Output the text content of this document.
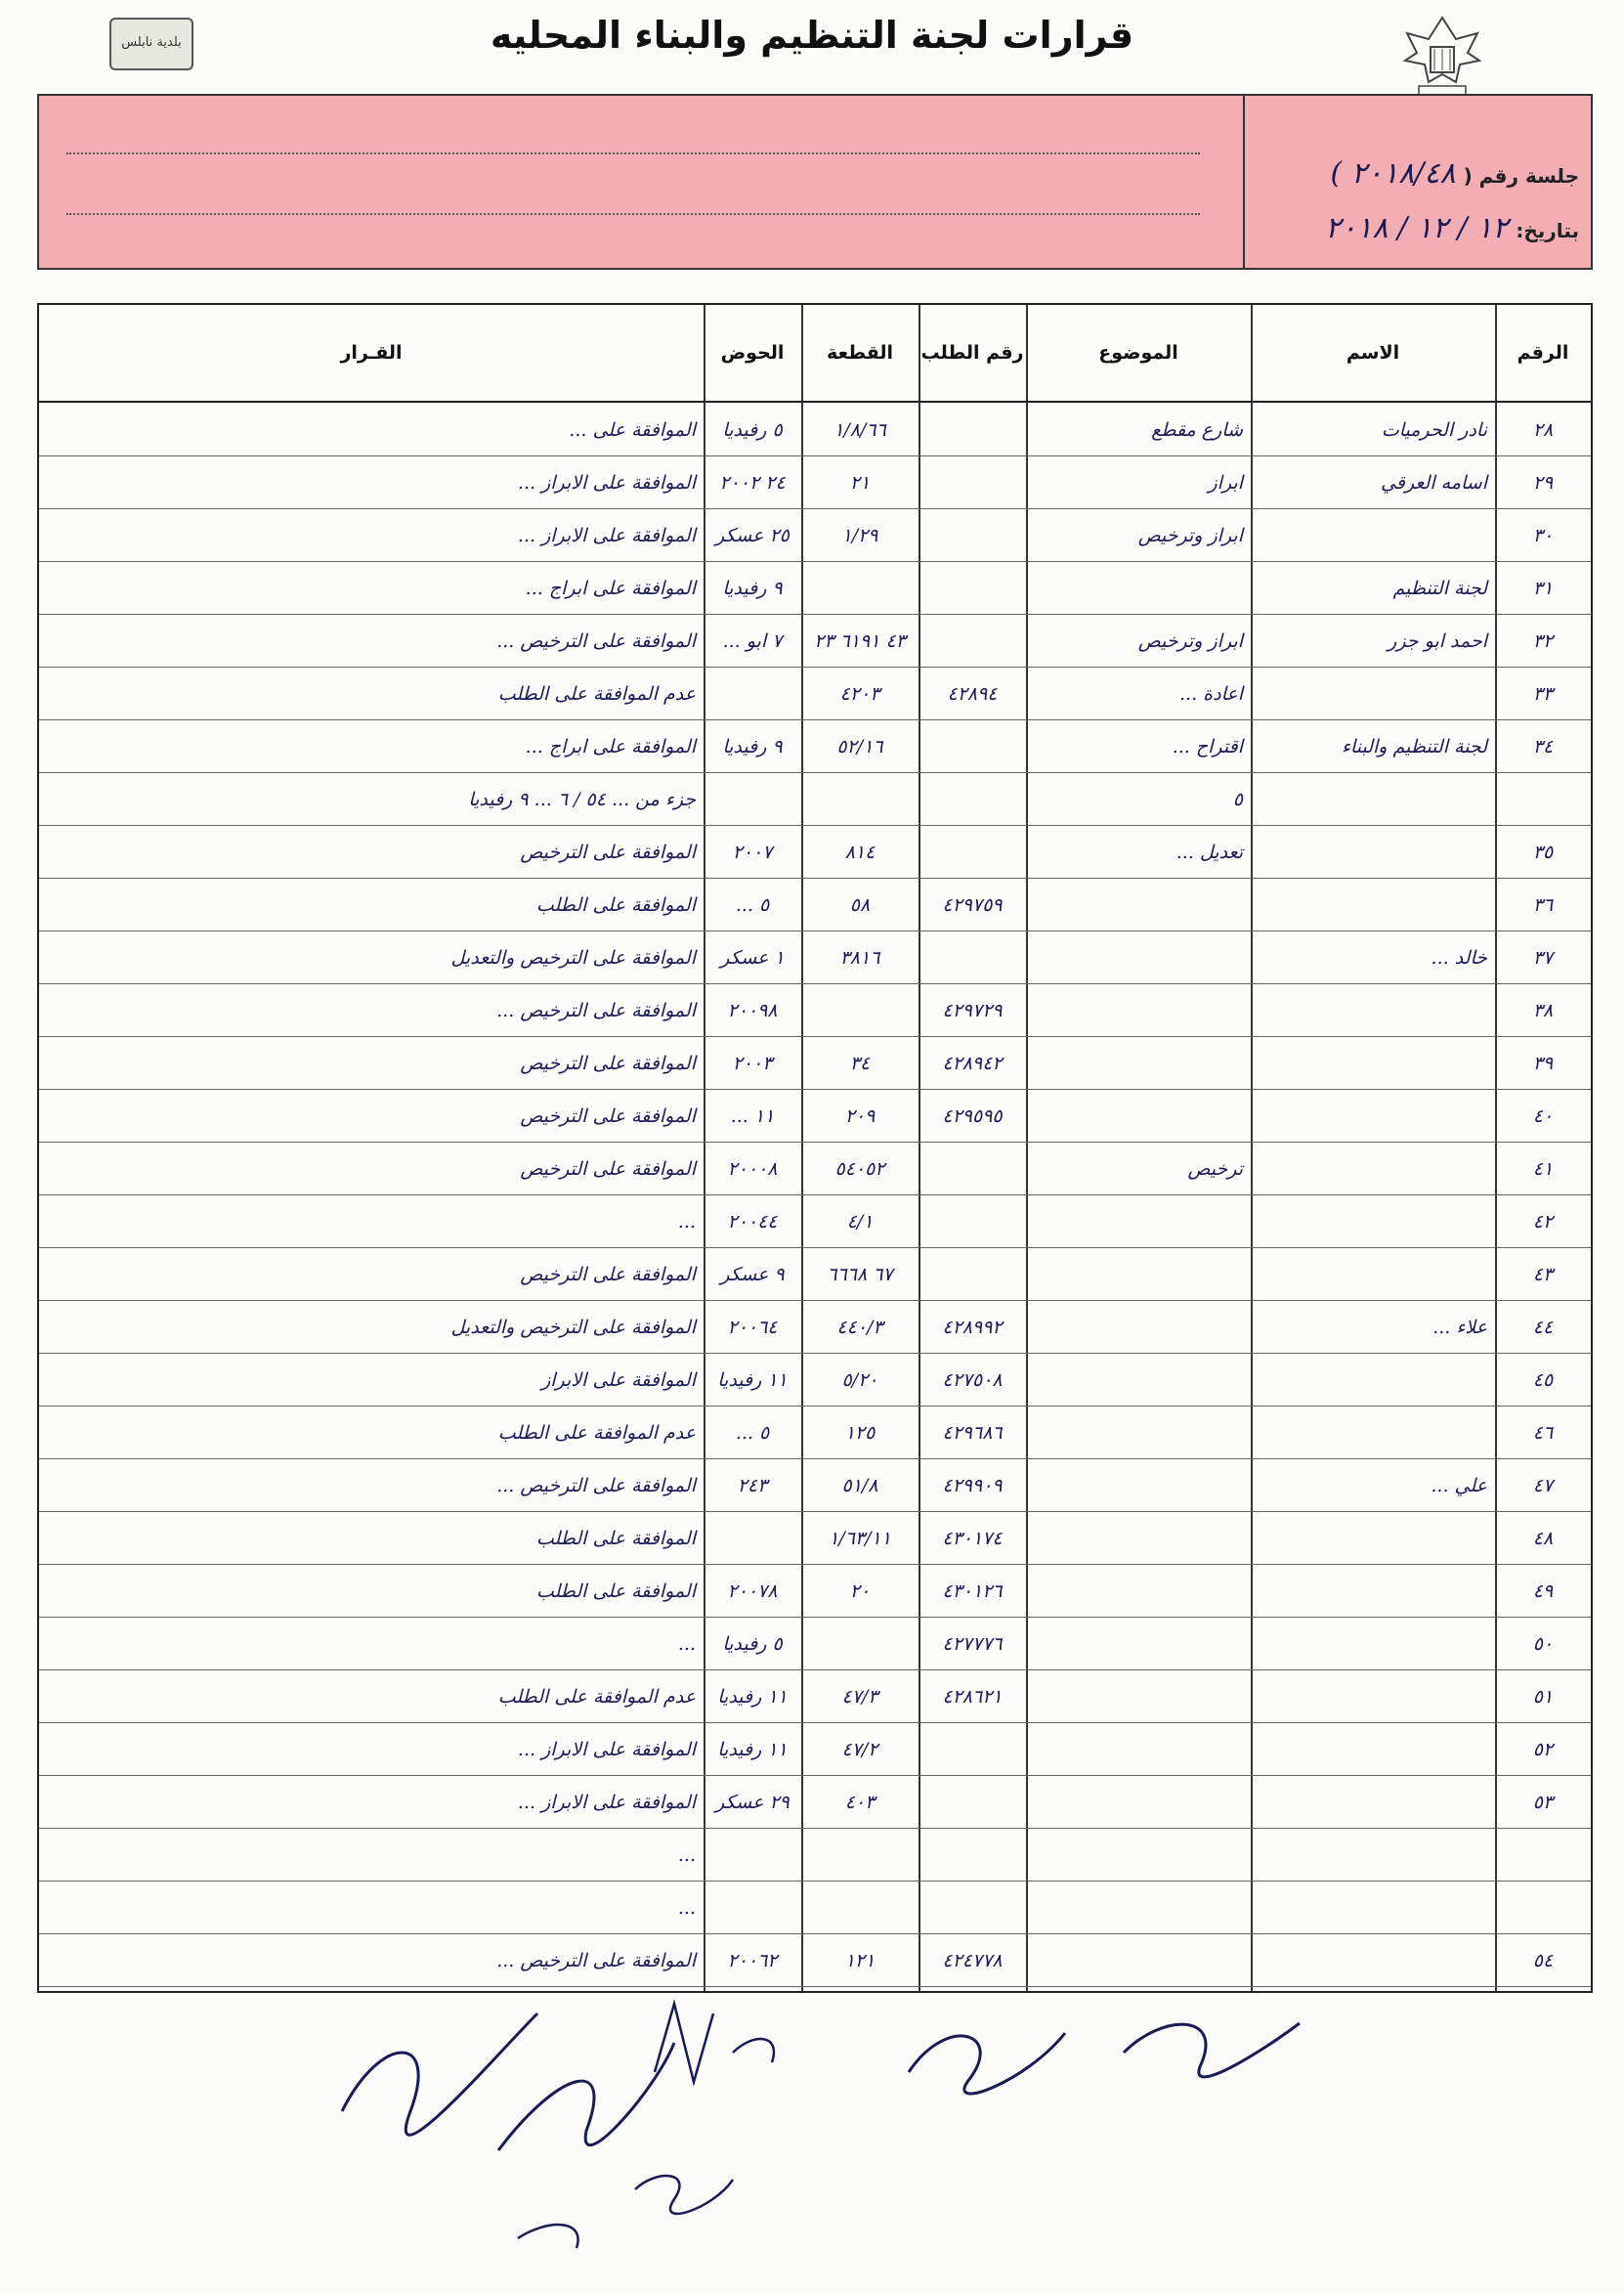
قرارات لجنة التنظيم والبناء المحليه
بلدية نابلس
جلسة رقم (٢٠١٨/٤٨ )
بتاريخ:١٢ / ١٢ / ٢٠١٨
الرقم
الاسم
الموضوع
رقم الطلب
القطعة
الحوض
القـرار
٢٨
نادر الحرميات
شارع مقطع
١/٨/٦٦
٥ رفيديا
الموافقة على ...
٢٩
اسامه العرقي
ابراز
٢١
٢٤ ٢٠٠٢
الموافقة على الابراز ...
٣٠
ابراز وترخيص
١/٢٩
٢٥ عسكر
الموافقة على الابراز ...
٣١
لجنة التنظيم
٩ رفيديا
الموافقة على ابراج ...
٣٢
احمد ابو جزر
ابراز وترخيص
٤٣ ٦١٩١ ٢٣
٧ ابو ...
الموافقة على الترخيص ...
٣٣
اعادة ...
٤٢٨٩٤
٤٢٠٣
عدم الموافقة على الطلب
٣٤
لجنة التنظيم والبناء
اقتراح ...
٥٢/١٦
٩ رفيديا
الموافقة على ابراج ...
٥
جزء من ... ٥٤ / ٦ ... ٩ رفيديا
٣٥
تعديل ...
٨١٤
٢٠٠٧
الموافقة على الترخيص
٣٦
٤٢٩٧٥٩
٥٨
٥ ...
الموافقة على الطلب
٣٧
خالد ...
٣٨١٦
١ عسكر
الموافقة على الترخيص والتعديل
٣٨
٤٢٩٧٢٩
٢٠٠٩٨
الموافقة على الترخيص ...
٣٩
٤٢٨٩٤٢
٣٤
٢٠٠٣
الموافقة على الترخيص
٤٠
٤٢٩٥٩٥
٢٠٩
١١ ...
الموافقة على الترخيص
٤١
ترخيص
٥٤٠٥٢
٢٠٠٠٨
الموافقة على الترخيص
٤٢
٤/١
٢٠٠٤٤
...
٤٣
٦٧ ٦٦٦٨
٩ عسكر
الموافقة على الترخيص
٤٤
علاء ...
٤٢٨٩٩٢
٤٤٠/٣
٢٠٠٦٤
الموافقة على الترخيص والتعديل
٤٥
٤٢٧٥٠٨
٥/٢٠
١١ رفيديا
الموافقة على الابراز
٤٦
٤٢٩٦٨٦
١٢٥
٥ ...
عدم الموافقة على الطلب
٤٧
علي ...
٤٢٩٩٠٩
٥١/٨
٢٤٣
الموافقة على الترخيص ...
٤٨
٤٣٠١٧٤
١/٦٣/١١
الموافقة على الطلب
٤٩
٤٣٠١٢٦
٢٠
٢٠٠٧٨
الموافقة على الطلب
٥٠
٤٢٧٧٧٦
٥ رفيديا
...
٥١
٤٢٨٦٢١
٤٧/٣
١١ رفيديا
عدم الموافقة على الطلب
٥٢
٤٧/٢
١١ رفيديا
الموافقة على الابراز ...
٥٣
٤٠٣
٢٩ عسكر
الموافقة على الابراز ...
...
...
٥٤
٤٢٤٧٧٨
١٢١
٢٠٠٦٢
الموافقة على الترخيص ...
